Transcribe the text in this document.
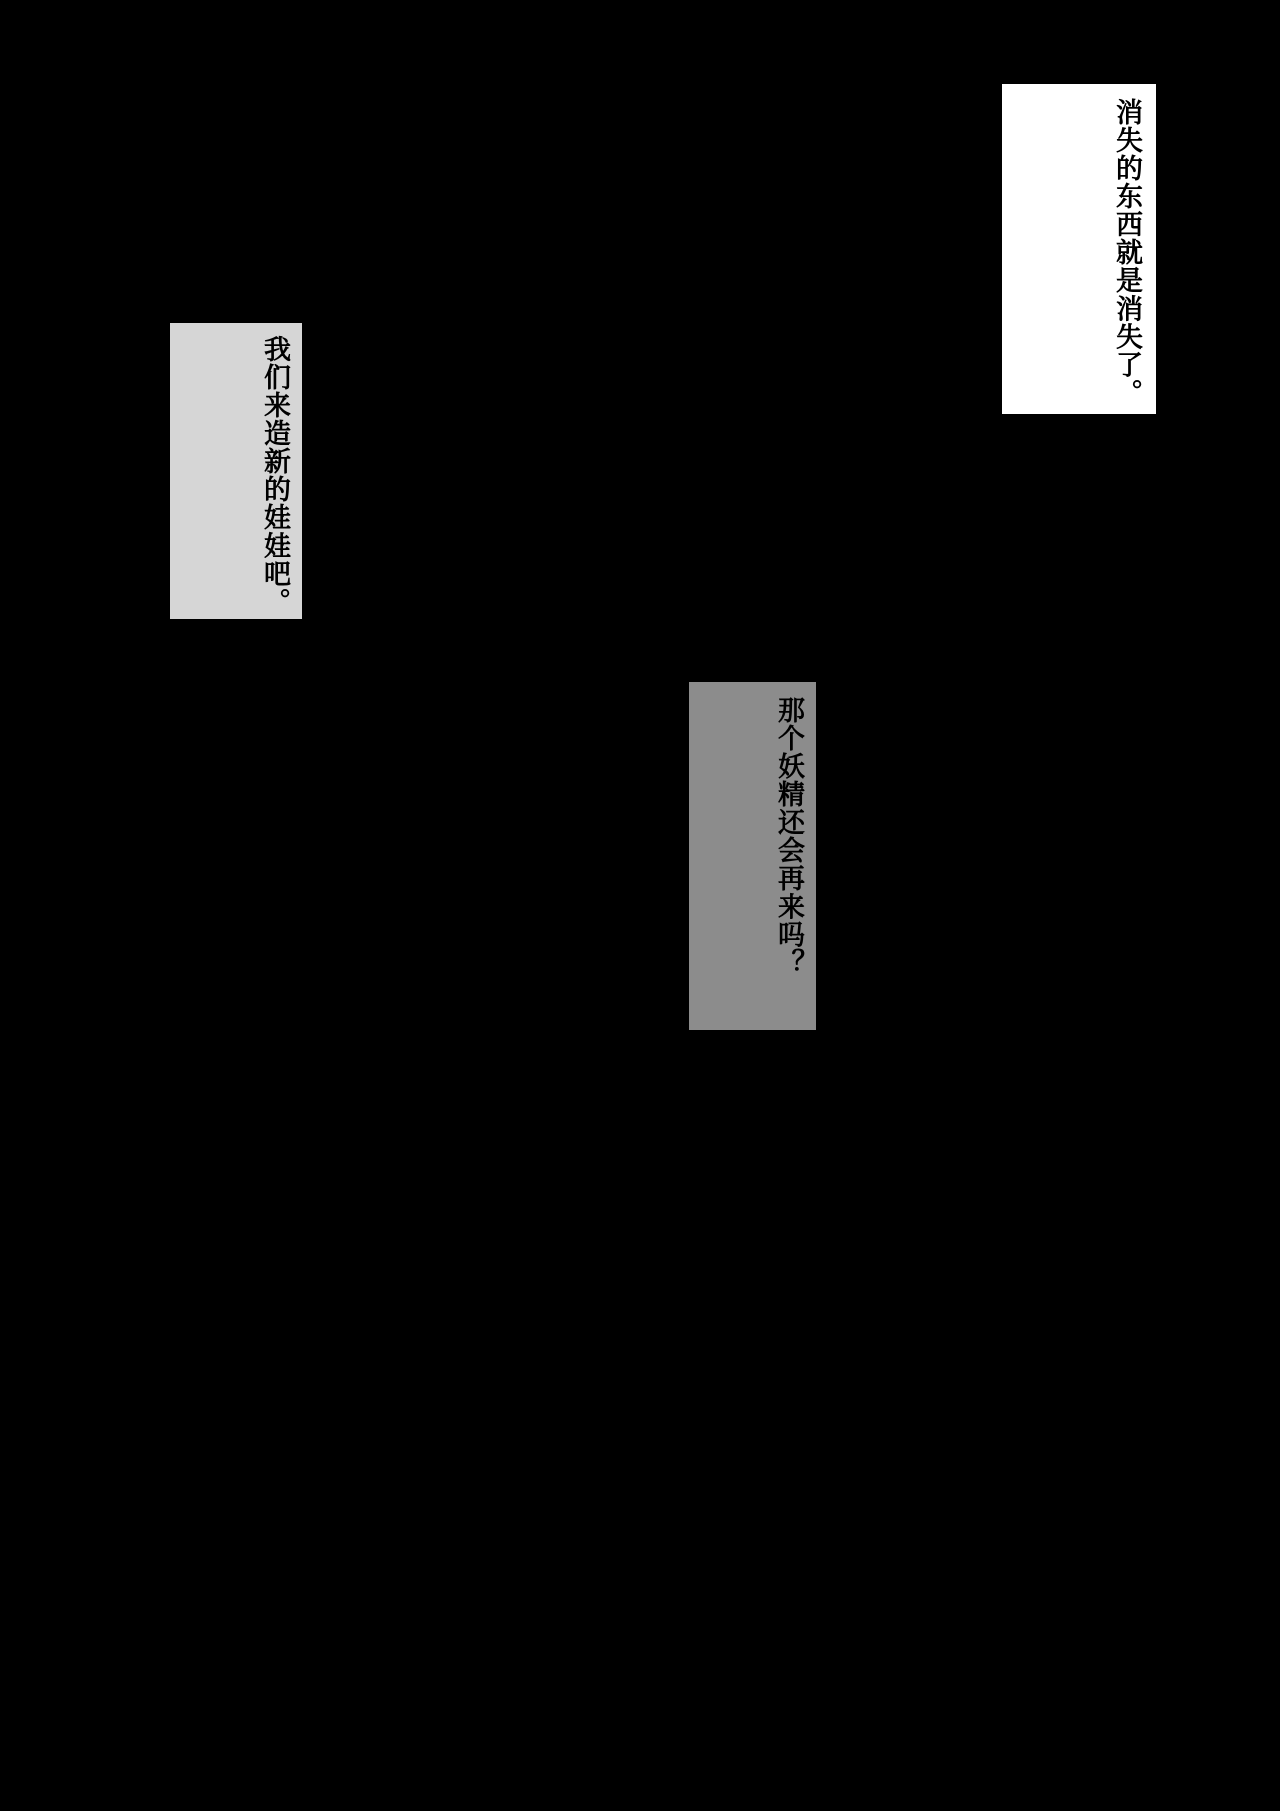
消失的东西就是消失了。
我们来造新的娃娃吧。
那个妖精还会再来吗？
